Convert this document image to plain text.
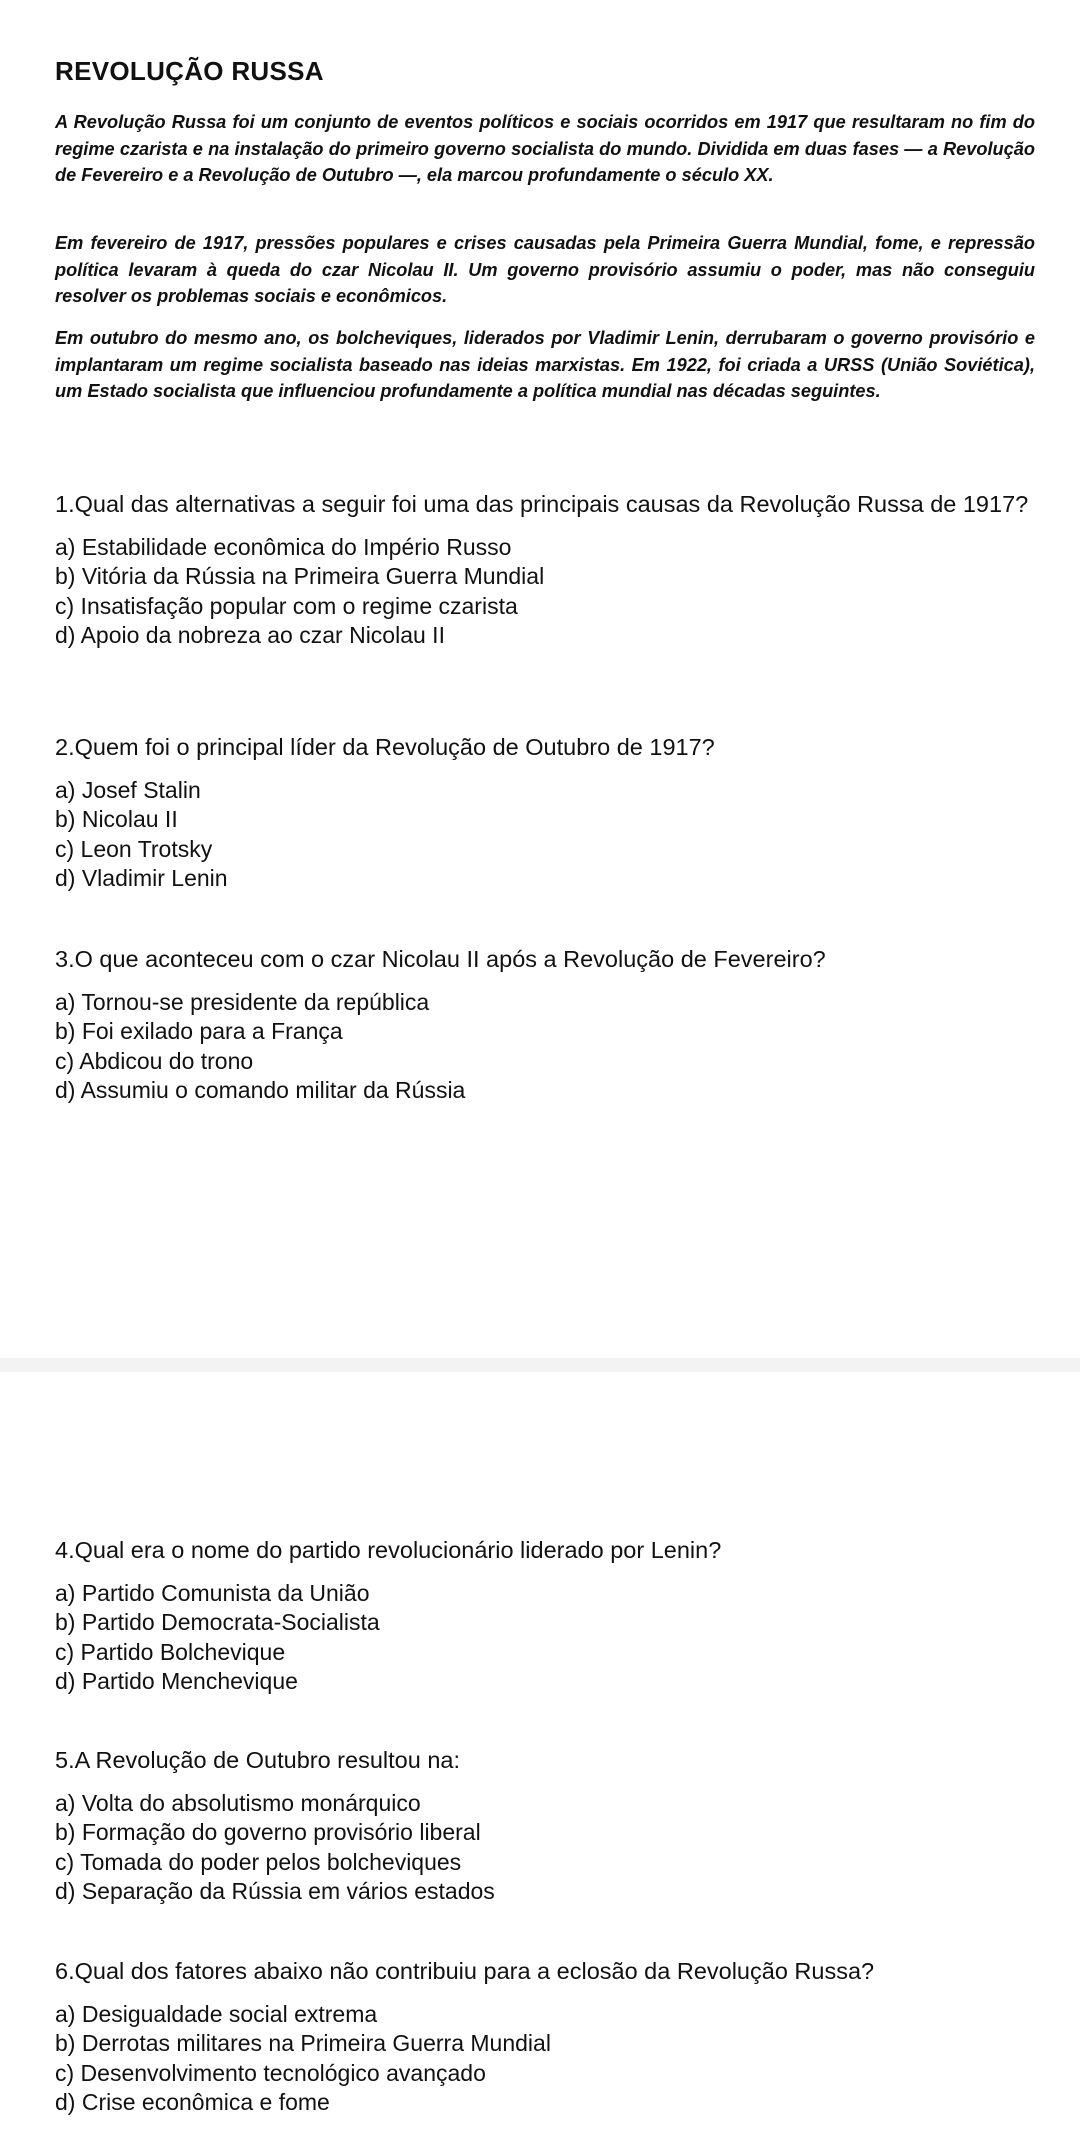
REVOLUÇÃO RUSSA

A Revolução Russa foi um conjunto de eventos políticos e sociais ocorridos em 1917 que resultaram no fim do regime czarista e na instalação do primeiro governo socialista do mundo. Dividida em duas fases — a Revolução de Fevereiro e a Revolução de Outubro —, ela marcou profundamente o século XX.

Em fevereiro de 1917, pressões populares e crises causadas pela Primeira Guerra Mundial, fome, e repressão política levaram à queda do czar Nicolau II. Um governo provisório assumiu o poder, mas não conseguiu resolver os problemas sociais e econômicos.

Em outubro do mesmo ano, os bolcheviques, liderados por Vladimir Lenin, derrubaram o governo provisório e implantaram um regime socialista baseado nas ideias marxistas. Em 1922, foi criada a URSS (União Soviética), um Estado socialista que influenciou profundamente a política mundial nas décadas seguintes.

1.Qual das alternativas a seguir foi uma das principais causas da Revolução Russa de 1917?

a) Estabilidade econômica do Império Russo
b) Vitória da Rússia na Primeira Guerra Mundial
c) Insatisfação popular com o regime czarista
d) Apoio da nobreza ao czar Nicolau II

2.Quem foi o principal líder da Revolução de Outubro de 1917?

a) Josef Stalin
b) Nicolau II
c) Leon Trotsky
d) Vladimir Lenin

3.O que aconteceu com o czar Nicolau II após a Revolução de Fevereiro?

a) Tornou-se presidente da república
b) Foi exilado para a França
c) Abdicou do trono
d) Assumiu o comando militar da Rússia

4.Qual era o nome do partido revolucionário liderado por Lenin?

a) Partido Comunista da União
b) Partido Democrata-Socialista
c) Partido Bolchevique
d) Partido Menchevique

5.A Revolução de Outubro resultou na:

a) Volta do absolutismo monárquico
b) Formação do governo provisório liberal
c) Tomada do poder pelos bolcheviques
d) Separação da Rússia em vários estados

6.Qual dos fatores abaixo não contribuiu para a eclosão da Revolução Russa?

a) Desigualdade social extrema
b) Derrotas militares na Primeira Guerra Mundial
c) Desenvolvimento tecnológico avançado
d) Crise econômica e fome
